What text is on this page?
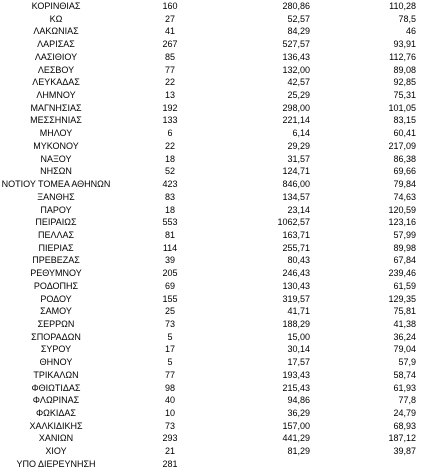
ΚΟΡΙΝΘΙΑΣ	160	280,86	110,28
ΚΩ	27	52,57	78,5
ΛΑΚΩΝΙΑΣ	41	84,29	46
ΛΑΡΙΣΑΣ	267	527,57	93,91
ΛΑΣΙΘΙΟΥ	85	136,43	112,76
ΛΕΣΒΟΥ	77	132,00	89,08
ΛΕΥΚΑΔΑΣ	22	42,57	92,85
ΛΗΜΝΟΥ	13	25,29	75,31
ΜΑΓΝΗΣΙΑΣ	192	298,00	101,05
ΜΕΣΣΗΝΙΑΣ	133	221,14	83,15
ΜΗΛΟΥ	6	6,14	60,41
ΜΥΚΟΝΟΥ	22	29,29	217,09
ΝΑΞΟΥ	18	31,57	86,38
ΝΗΣΩΝ	52	124,71	69,66
ΝΟΤΙΟΥ ΤΟΜΕΑ ΑΘΗΝΩΝ	423	846,00	79,84
ΞΑΝΘΗΣ	83	134,57	74,63
ΠΑΡΟΥ	18	23,14	120,59
ΠΕΙΡΑΙΩΣ	553	1062,57	123,16
ΠΕΛΛΑΣ	81	163,71	57,99
ΠΙΕΡΙΑΣ	114	255,71	89,98
ΠΡΕΒΕΖΑΣ	39	80,43	67,84
ΡΕΘΥΜΝΟΥ	205	246,43	239,46
ΡΟΔΟΠΗΣ	69	130,43	61,59
ΡΟΔΟΥ	155	319,57	129,35
ΣΑΜΟΥ	25	41,71	75,81
ΣΕΡΡΩΝ	73	188,29	41,38
ΣΠΟΡΑΔΩΝ	5	15,00	36,24
ΣΥΡΟΥ	17	30,14	79,04
ΘΗΝΟΥ	5	17,57	57,9
ΤΡΙΚΑΛΩΝ	77	193,43	58,74
ΦΘΙΩΤΙΔΑΣ	98	215,43	61,93
ΦΛΩΡΙΝΑΣ	40	94,86	77,8
ΦΩΚΙΔΑΣ	10	36,29	24,79
ΧΑΛΚΙΔΙΚΗΣ	73	157,00	68,93
ΧΑΝΙΩΝ	293	441,29	187,12
ΧΙΟΥ	21	81,29	39,87
ΥΠΟ ΔΙΕΡΕΥΝΗΣΗ	281		
